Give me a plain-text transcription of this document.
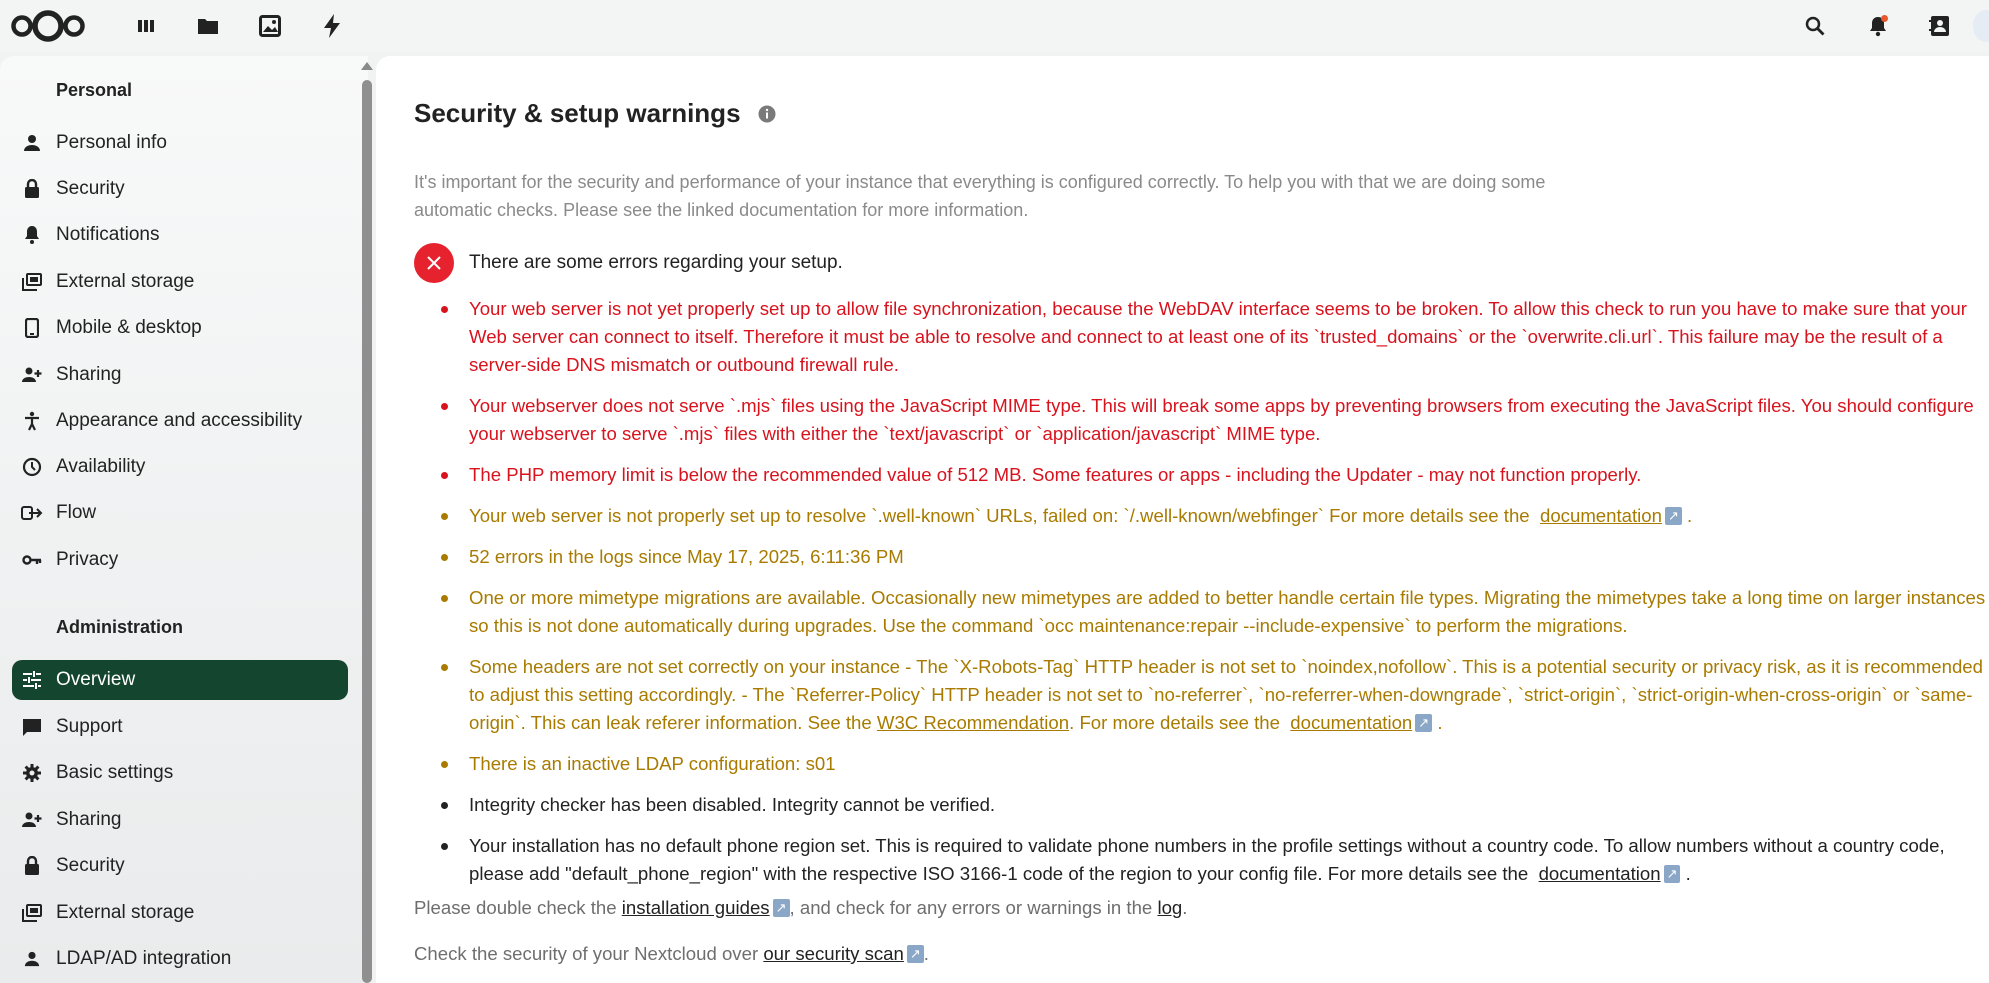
Personal
Personal info
Security
Notifications
External storage
Mobile & desktop
Sharing
Appearance and accessibility
Availability
Flow
Privacy
Administration
Overview
Support
Basic settings
Sharing
Security
External storage
LDAP/AD integration
Security & setup warnings

It's important for the security and performance of your instance that everything is configured correctly. To help you with that we are doing some automatic checks. Please see the linked documentation for more information.

There are some errors regarding your setup.
Your web server is not yet properly set up to allow file synchronization, because the WebDAV interface seems to be broken. To allow this check to run you have to make sure that your Web server can connect to itself. Therefore it must be able to resolve and connect to at least one of its `trusted_domains` or the `overwrite.cli.url`. This failure may be the result of a server-side DNS mismatch or outbound firewall rule.
Your webserver does not serve `.mjs` files using the JavaScript MIME type. This will break some apps by preventing browsers from executing the JavaScript files. You should configure your webserver to serve `.mjs` files with either the `text/javascript` or `application/javascript` MIME type.
The PHP memory limit is below the recommended value of 512 MB. Some features or apps - including the Updater - may not function properly.
Your web server is not properly set up to resolve `.well-known` URLs, failed on: `/.well-known/webfinger` For more details see the documentation ↗ .
52 errors in the logs since May 17, 2025, 6:11:36 PM
One or more mimetype migrations are available. Occasionally new mimetypes are added to better handle certain file types. Migrating the mimetypes take a long time on larger instances so this is not done automatically during upgrades. Use the command `occ maintenance:repair --include-expensive` to perform the migrations.
Some headers are not set correctly on your instance - The `X-Robots-Tag` HTTP header is not set to `noindex,nofollow`. This is a potential security or privacy risk, as it is recommended to adjust this setting accordingly. - The `Referrer-Policy` HTTP header is not set to `no-referrer`, `no-referrer-when-downgrade`, `strict-origin`, `strict-origin-when-cross-origin` or `same-origin`. This can leak referer information. See the W3C Recommendation. For more details see the documentation ↗ .
There is an inactive LDAP configuration: s01
Integrity checker has been disabled. Integrity cannot be verified.
Your installation has no default phone region set. This is required to validate phone numbers in the profile settings without a country code. To allow numbers without a country code, please add "default_phone_region" with the respective ISO 3166-1 code of the region to your config file. For more details see the documentation ↗ .
Please double check the installation guides ↗ , and check for any errors or warnings in the log.
Check the security of your Nextcloud over our security scan ↗ .
